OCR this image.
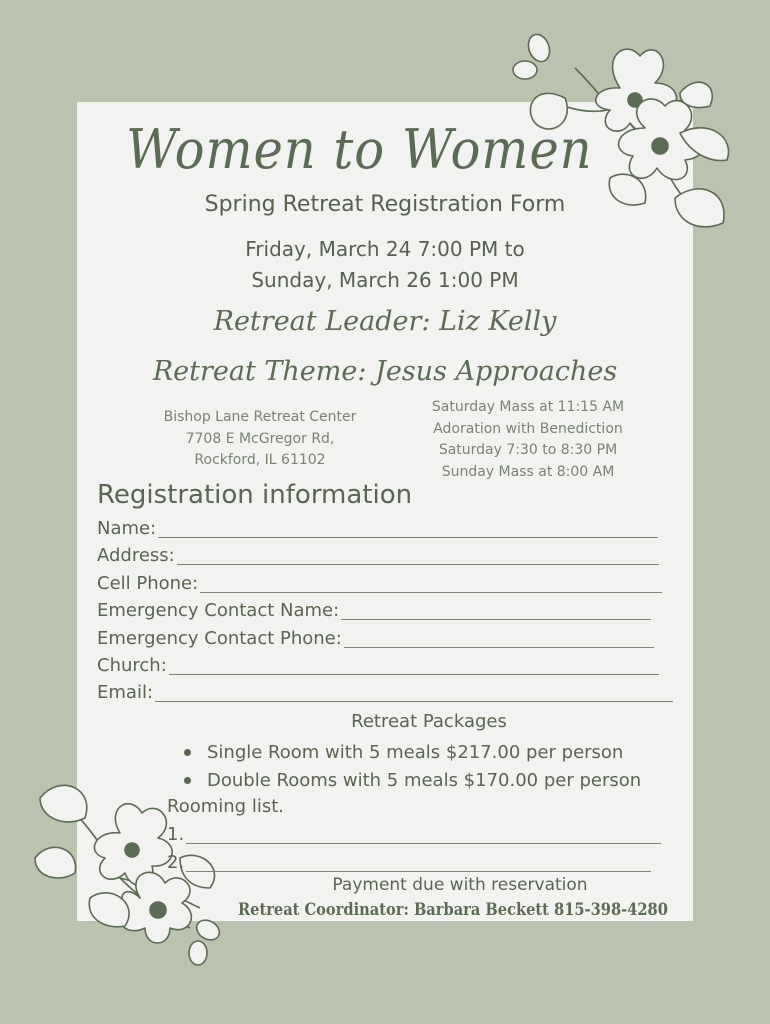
Women to Women
Spring Retreat Registration Form
Friday, March 24 7:00 PM to
Sunday, March 26 1:00 PM
Retreat Leader: Liz Kelly
Retreat Theme: Jesus Approaches
Bishop Lane Retreat Center
7708 E McGregor Rd,
Rockford, IL 61102
Saturday Mass at 11:15 AM
Adoration with Benediction
Saturday 7:30 to 8:30 PM
Sunday Mass at 8:00 AM
Registration information
Name:
Address:
Cell Phone:
Emergency Contact Name:
Emergency Contact Phone:
Church:
Email:
Retreat Packages
Single Room with 5 meals $217.00 per person
Double Rooms with 5 meals $170.00 per person
Rooming list.
1.
2.
Payment due with reservation
Retreat Coordinator: Barbara Beckett 815-398-4280
